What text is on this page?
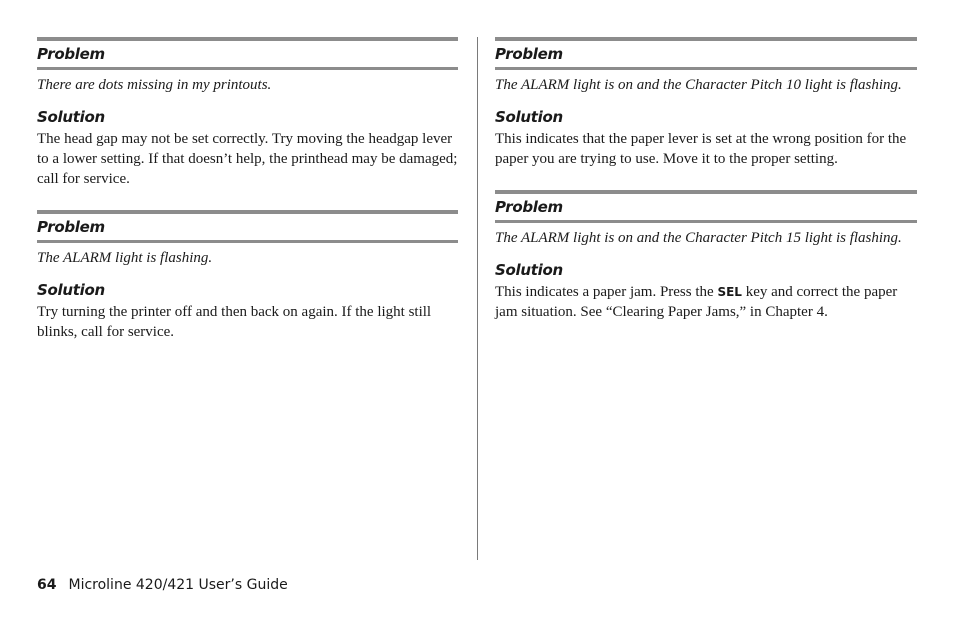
Problem
There are dots missing in my printouts.
Solution
The head gap may not be set correctly. Try moving the headgap lever to a lower setting. If that doesn’t help, the printhead may be damaged; call for service.
Problem
The ALARM light is flashing.
Solution
Try turning the printer off and then back on again. If the light still blinks, call for service.
Problem
The ALARM light is on and the Character Pitch 10 light is flashing.
Solution
This indicates that the paper lever is set at the wrong position for the paper you are trying to use. Move it to the proper setting.
Problem
The ALARM light is on and the Character Pitch 15 light is flashing.
Solution
This indicates a paper jam. Press the SEL key and correct the paper jam situation. See “Clearing Paper Jams,” in Chapter 4.
64 Microline 420/421 User’s Guide
